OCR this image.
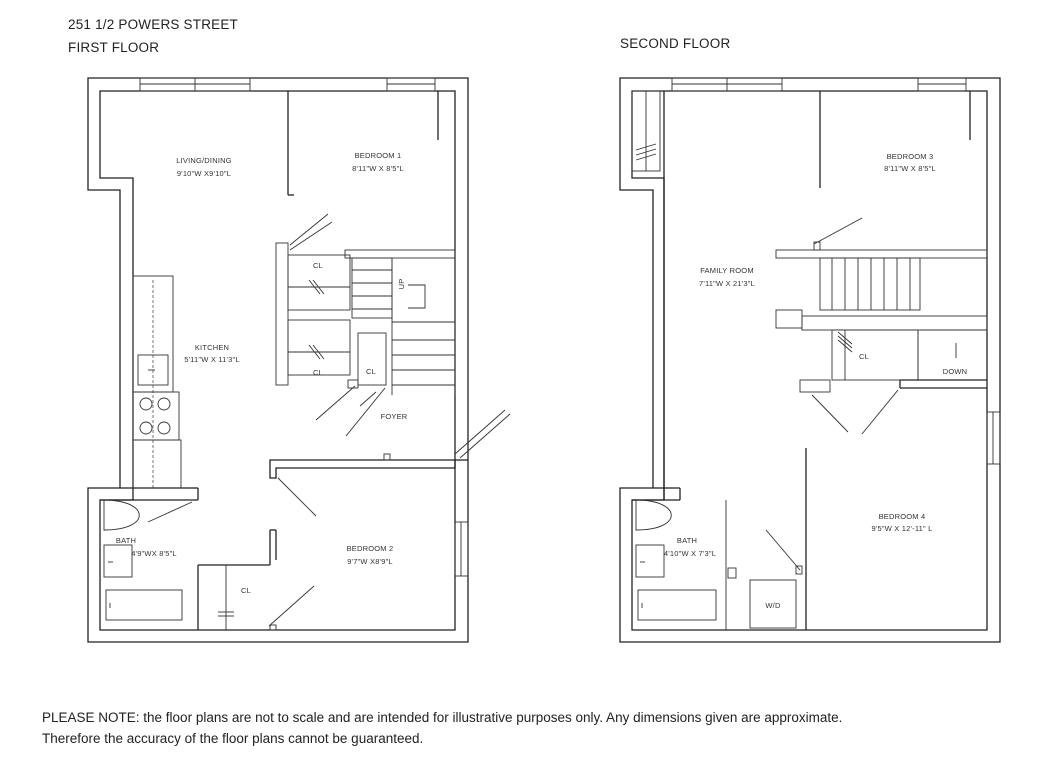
251 1/2 POWERS STREET
FIRST FLOOR	SECOND FLOOR
LIVING/DINING
9'10"W X9'10"L
BEDROOM 1
8'11"W X 8'5"L
KITCHEN
5'11"W X 11'3"L
CL
CL	CL
UP
FOYER
BATH
4'9"WX 8'5"L
CL
BEDROOM 2
9'7"W X8'9"L
BEDROOM 3
8'11"W X 8'5"L
FAMILY ROOM
7'11"W X 21'3"L
CL
DOWN
BEDROOM 4
9'5"W X 12'-11" L
BATH
4'10"W X 7'3"L
W/D
PLEASE NOTE: the floor plans are not to scale and are intended for illustrative purposes only. Any dimensions given are approximate.
Therefore the accuracy of the floor plans cannot be guaranteed.
